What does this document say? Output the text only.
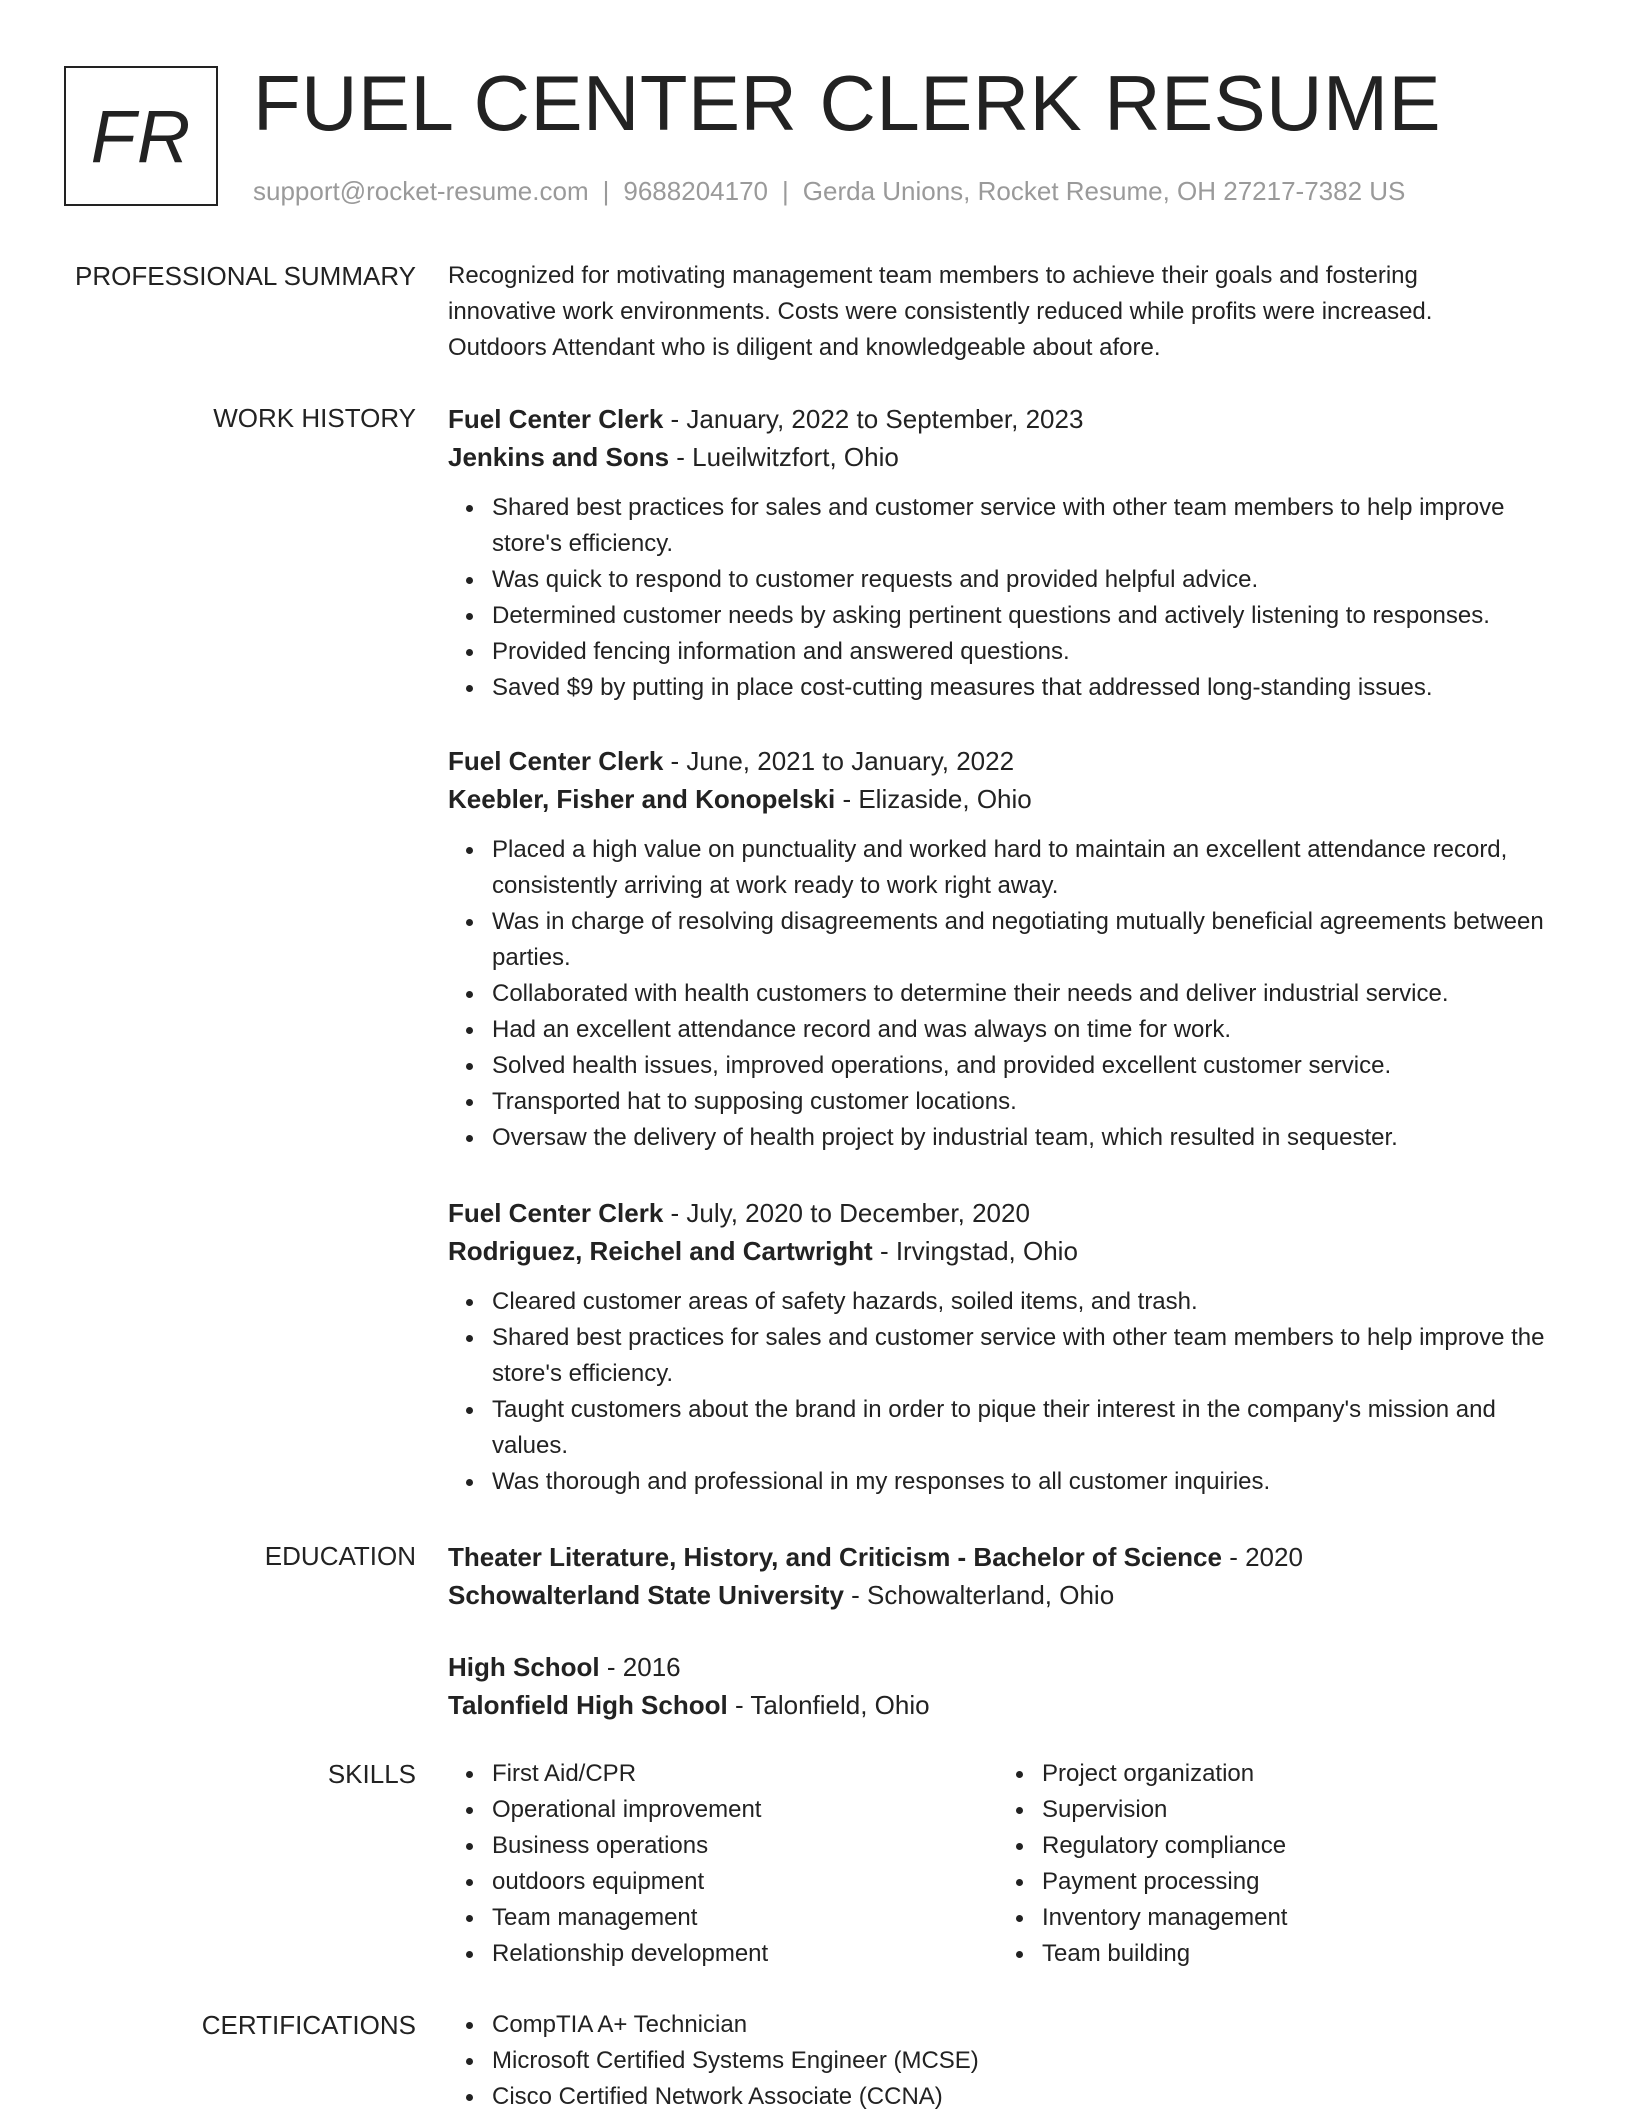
FR FUEL CENTER CLERK RESUME
support@rocket-resume.com | 9688204170 | Gerda Unions, Rocket Resume, OH 27217-7382 US
PROFESSIONAL SUMMARY Recognized for motivating management team members to achieve their goals and fostering

innovative work environments. Costs were consistently reduced while profits were increased.

Outdoors Attendant who is diligent and knowledgeable about afore.

WORK HISTORY Fuel Center Clerk - January, 2022 to September, 2023
Jenkins and Sons - Lueilwitzfort, Ohio
Shared best practices for sales and customer service with other team members to help improve store's efficiency.
Was quick to respond to customer requests and provided helpful advice.
Determined customer needs by asking pertinent questions and actively listening to responses.
Provided fencing information and answered questions.
Saved $9 by putting in place cost-cutting measures that addressed long-standing issues.
Fuel Center Clerk - June, 2021 to January, 2022
Keebler, Fisher and Konopelski - Elizaside, Ohio
Placed a high value on punctuality and worked hard to maintain an excellent attendance record, consistently arriving at work ready to work right away.
Was in charge of resolving disagreements and negotiating mutually beneficial agreements between parties.
Collaborated with health customers to determine their needs and deliver industrial service.
Had an excellent attendance record and was always on time for work.
Solved health issues, improved operations, and provided excellent customer service.
Transported hat to supposing customer locations.
Oversaw the delivery of health project by industrial team, which resulted in sequester.
Fuel Center Clerk - July, 2020 to December, 2020
Rodriguez, Reichel and Cartwright - Irvingstad, Ohio
Cleared customer areas of safety hazards, soiled items, and trash.
Shared best practices for sales and customer service with other team members to help improve the store's efficiency.
Taught customers about the brand in order to pique their interest in the company's mission and values.
Was thorough and professional in my responses to all customer inquiries.
EDUCATION Theater Literature, History, and Criticism - Bachelor of Science - 2020
Schowalterland State University - Schowalterland, Ohio
High School - 2016
Talonfield High School - Talonfield, Ohio
SKILLS	First Aid/CPR
Operational improvement
Business operations
outdoors equipment
Team management
Relationship development
Project organization
Supervision
Regulatory compliance
Payment processing
Inventory management
Team building
CERTIFICATIONS	CompTIA A+ Technician
Microsoft Certified Systems Engineer (MCSE)
Cisco Certified Network Associate (CCNA)
